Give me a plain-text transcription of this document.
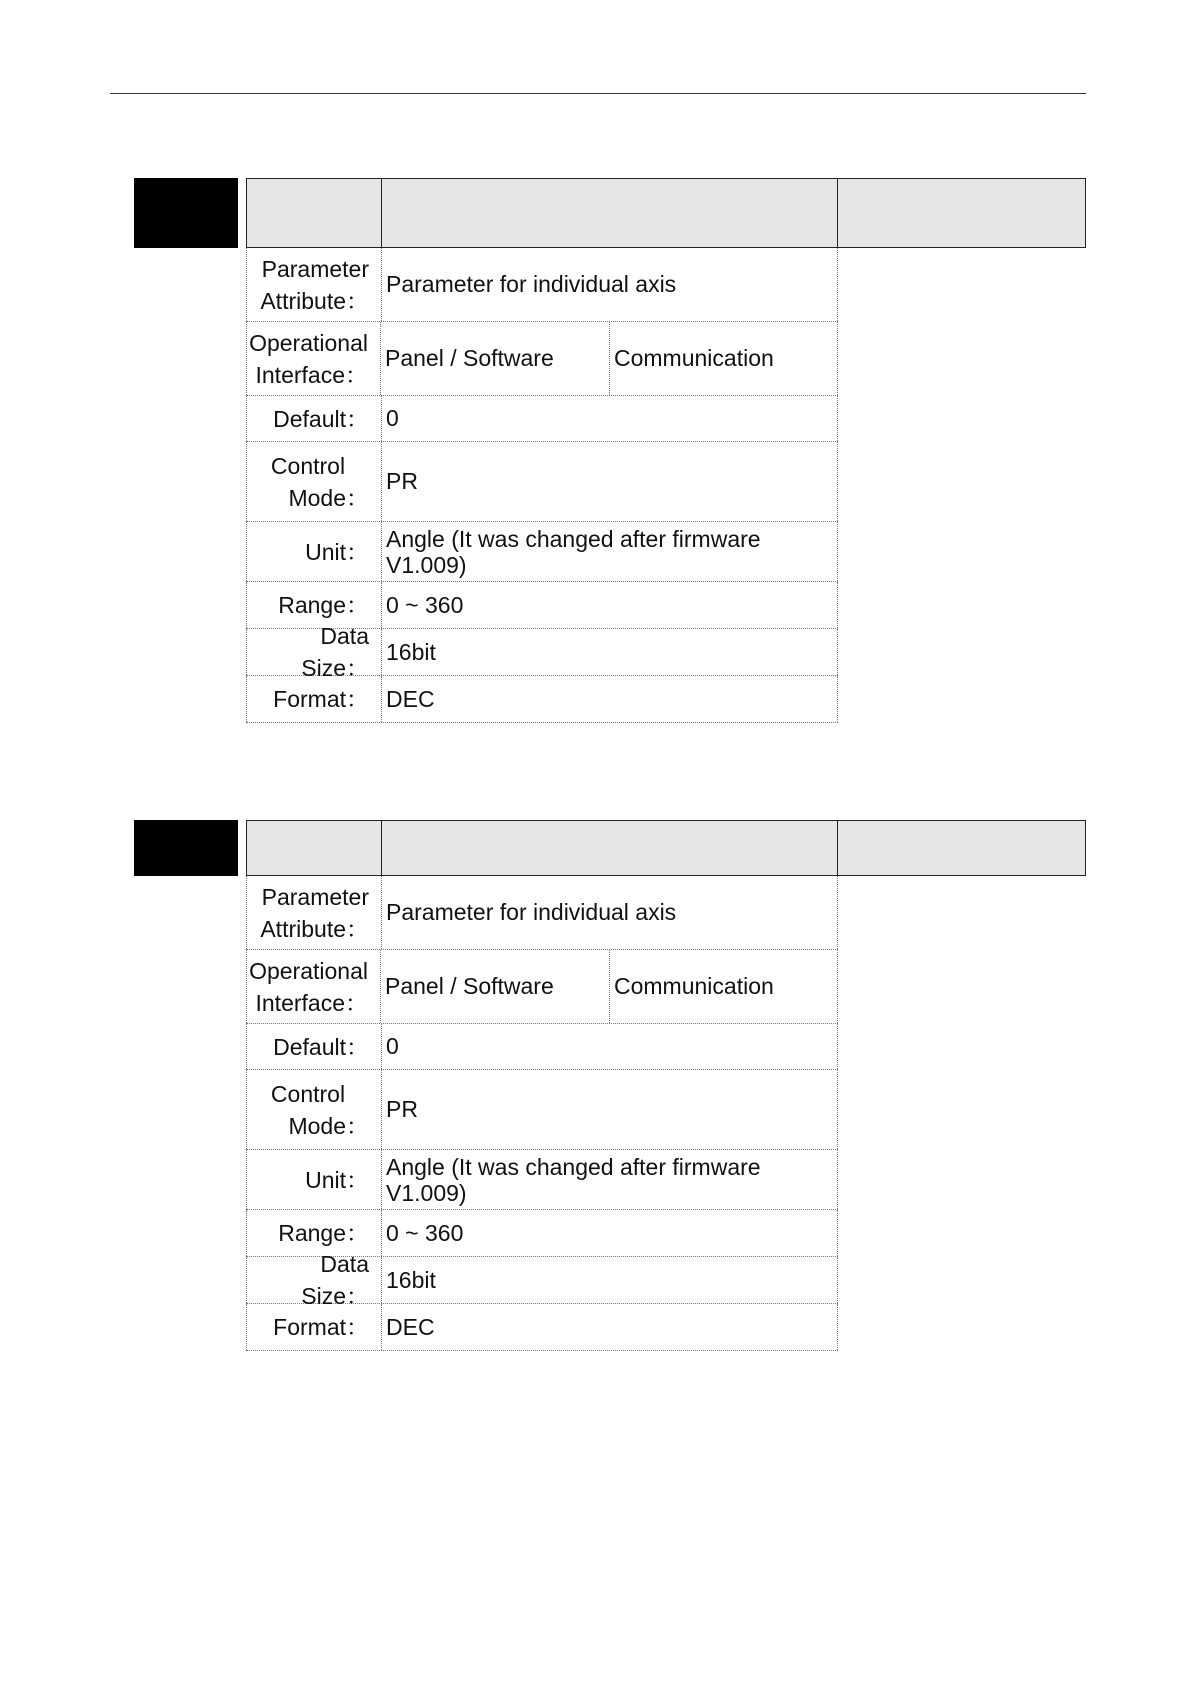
Parameter
Attribute：
Parameter for individual axis
Operational
Interface：
Panel / Software	Communication
Default： 0
Control
Mode：
PR
Unit： Angle (It was changed after firmware V1.009)
Range： 0 ~ 360
Data Size：
16bit
Format： DEC
Parameter
Attribute：
Parameter for individual axis
Operational
Interface：
Panel / Software	Communication
Default： 0
Control
Mode：
PR
Unit： Angle (It was changed after firmware V1.009)
Range： 0 ~ 360
Data Size：
16bit
Format： DEC
